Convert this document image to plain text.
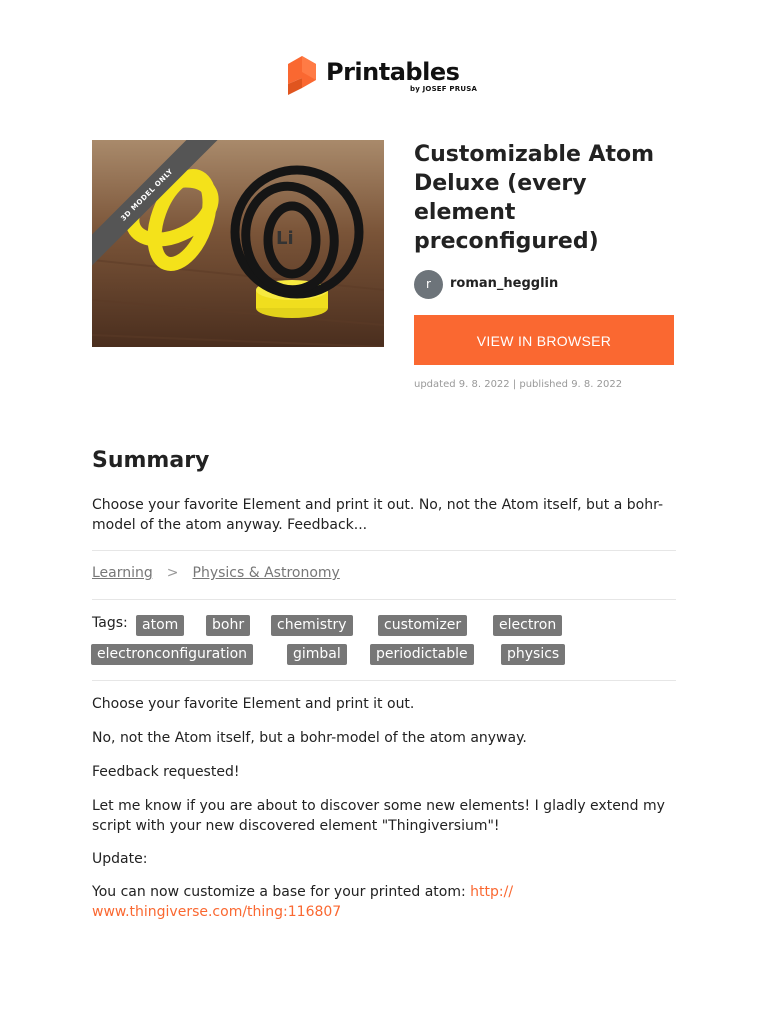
Printables
by JOSEF PRUSA
Li
3D MODEL ONLY
Customizable Atom Deluxe (every element preconfigured)
r	roman_hegglin
VIEW IN BROWSER
updated 9. 8. 2022 | published 9. 8. 2022
Summary

Choose your favorite Element and print it out. No, not the Atom itself, but a bohr-model of the atom anyway. Feedback...

Learning > Physics & Astronomy
Tags:	atom	bohr	chemistry	customizer	electron
electronconfiguration	gimbal	periodictable	physics

Choose your favorite Element and print it out.

No, not the Atom itself, but a bohr-model of the atom anyway.

Feedback requested!

Let me know if you are about to discover some new elements! I gladly extend my script with your new discovered element "Thingiversium"!

Update:

You can now customize a base for your printed atom: http://
www.thingiverse.com/thing:116807
